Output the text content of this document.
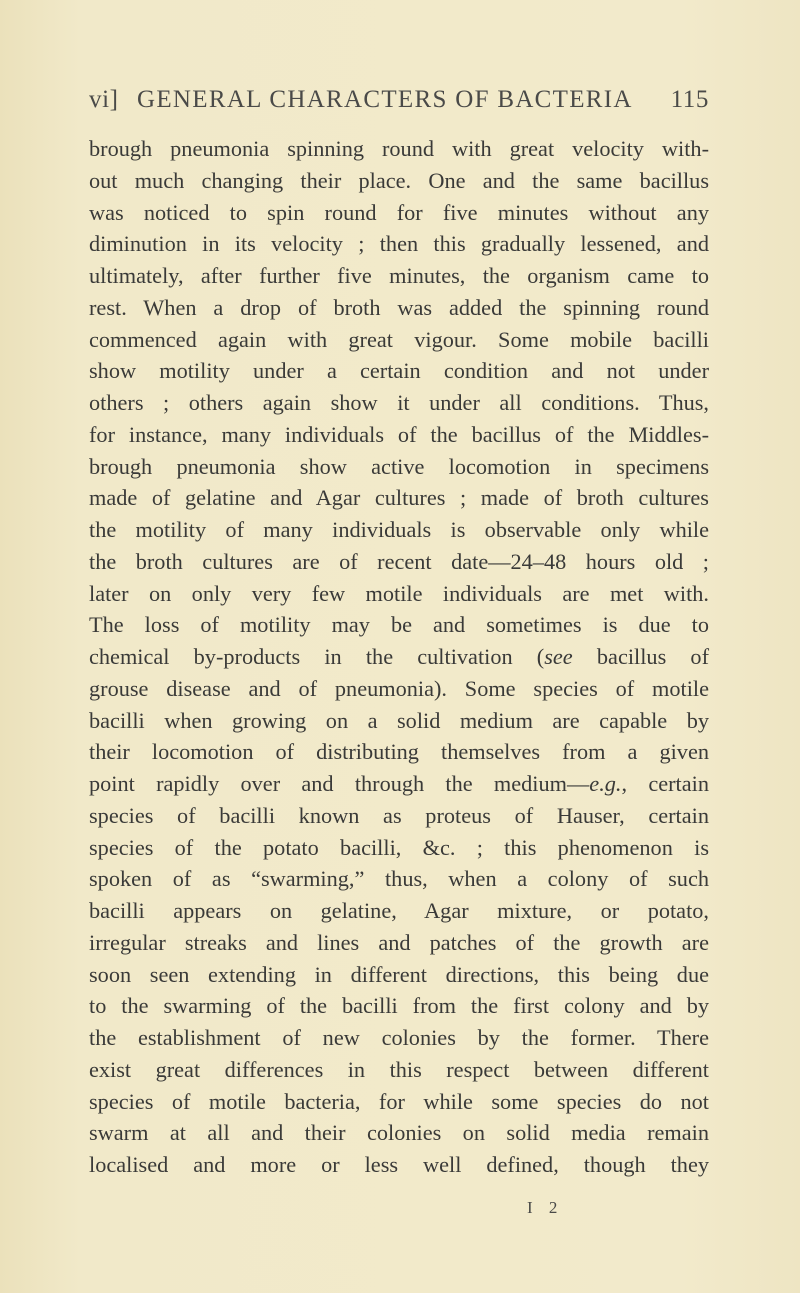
vi] GENERAL CHARACTERS OF BACTERIA 115
brough pneumonia spinning round with great velocity with-
out much changing their place. One and the same bacillus
was noticed to spin round for five minutes without any
diminution in its velocity ; then this gradually lessened, and
ultimately, after further five minutes, the organism came to
rest. When a drop of broth was added the spinning round
commenced again with great vigour. Some mobile bacilli
show motility under a certain condition and not under
others ; others again show it under all conditions. Thus,
for instance, many individuals of the bacillus of the Middles-
brough pneumonia show active locomotion in specimens
made of gelatine and Agar cultures ; made of broth cultures
the motility of many individuals is observable only while
the broth cultures are of recent date—24–48 hours old ;
later on only very few motile individuals are met with.
The loss of motility may be and sometimes is due to
chemical by-products in the cultivation (see bacillus of
grouse disease and of pneumonia). Some species of motile
bacilli when growing on a solid medium are capable by
their locomotion of distributing themselves from a given
point rapidly over and through the medium—e.g., certain
species of bacilli known as proteus of Hauser, certain
species of the potato bacilli, &c. ; this phenomenon is
spoken of as “swarming,” thus, when a colony of such
bacilli appears on gelatine, Agar mixture, or potato,
irregular streaks and lines and patches of the growth are
soon seen extending in different directions, this being due
to the swarming of the bacilli from the first colony and by
the establishment of new colonies by the former. There
exist great differences in this respect between different
species of motile bacteria, for while some species do not
swarm at all and their colonies on solid media remain
localised and more or less well defined, though they
I 2
